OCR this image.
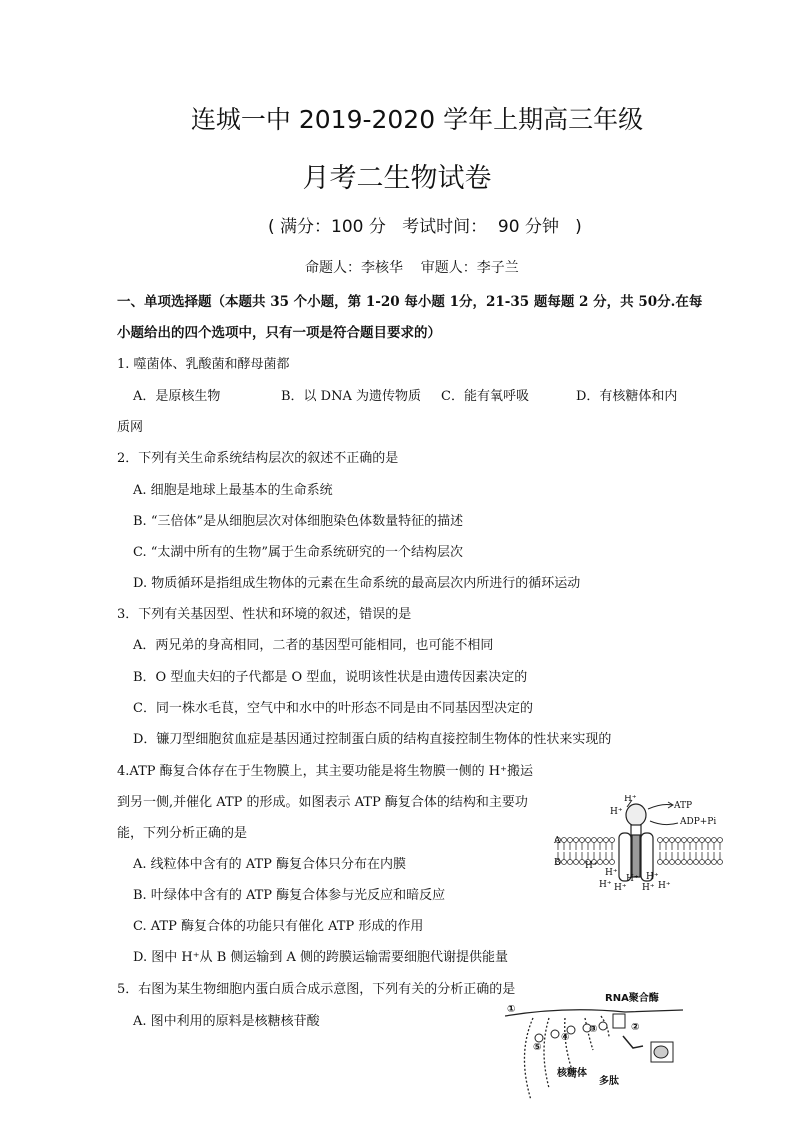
连城一中 2019-2020 学年上期高三年级
月考二生物试卷
( 满分：100 分   考试时间：  90 分钟   )
命题人：李核华    审题人：李子兰
一、单项选择题（本题共 35 个小题，第 1-20 每小题 1分，21-35 题每题 2 分，共 50分.在每
小题给出的四个选项中，只有一项是符合题目要求的）
1. 噬菌体、乳酸菌和酵母菌都
A．是原核生物	B．以 DNA 为遗传物质 C．能有氧呼吸	D．有核糖体和内
质网
2．下列有关生命系统结构层次的叙述不正确的是
A. 细胞是地球上最基本的生命系统
B. “三倍体”是从细胞层次对体细胞染色体数量特征的描述
C. “太湖中所有的生物”属于生命系统研究的一个结构层次
D. 物质循环是指组成生物体的元素在生命系统的最高层次内所进行的循环运动
3．下列有关基因型、性状和环境的叙述，错误的是
A．两兄弟的身高相同，二者的基因型可能相同，也可能不相同
B．O 型血夫妇的子代都是 O 型血，说明该性状是由遗传因素决定的
C．同一株水毛茛，空气中和水中的叶形态不同是由不同基因型决定的
D．镰刀型细胞贫血症是基因通过控制蛋白质的结构直接控制生物体的性状来实现的
4.ATP 酶复合体存在于生物膜上，其主要功能是将生物膜一侧的 H⁺搬运
到另一侧,并催化 ATP 的形成。如图表示 ATP 酶复合体的结构和主要功
能，下列分析正确的是
A. 线粒体中含有的 ATP 酶复合体只分布在内膜
B. 叶绿体中含有的 ATP 酶复合体参与光反应和暗反应
C. ATP 酶复合体的功能只有催化 ATP 形成的作用
D. 图中 H⁺从 B 侧运输到 A 侧的跨膜运输需要细胞代谢提供能量
H⁺
H⁺
ATP
ADP+Pi
A
B	H⁺
H⁺
H⁺ H⁺
H⁺ H⁺
H⁺ H⁺
5．右图为某生物细胞内蛋白质合成示意图，下列有关的分析正确的是
A. 图中利用的原料是核糖核苷酸
RNA聚合酶
①
②
③
④
⑤
核糖体
多肽
